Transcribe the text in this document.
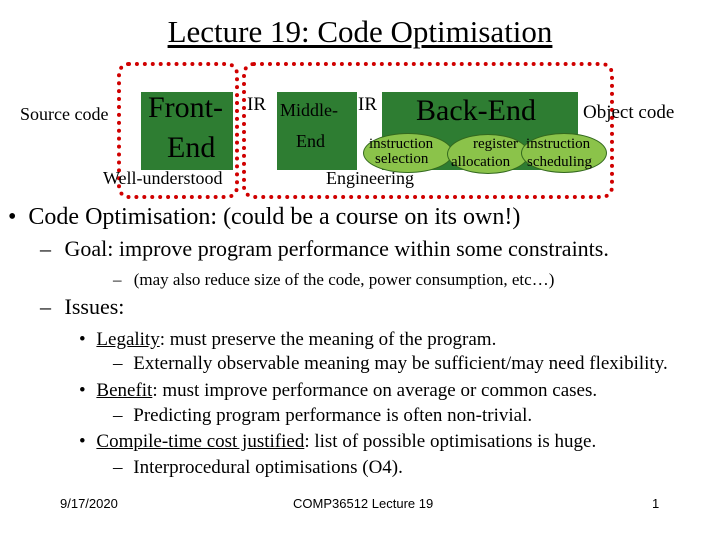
Lecture 19: Code Optimisation
Source code Front-
End
IR Middle-
End
IR Back-End Object code
instruction
selection
register
allocation
instruction
scheduling
Well-understood	Engineering
• Code Optimisation: (could be a course on its own!)
– Goal: improve program performance within some constraints.
– (may also reduce size of the code, power consumption, etc…)
– Issues:
• Legality: must preserve the meaning of the program.
– Externally observable meaning may be sufficient/may need flexibility.
• Benefit: must improve performance on average or common cases.
– Predicting program performance is often non-trivial.
• Compile-time cost justified: list of possible optimisations is huge.
– Interprocedural optimisations (O4).
9/17/2020	COMP36512 Lecture 19	1
